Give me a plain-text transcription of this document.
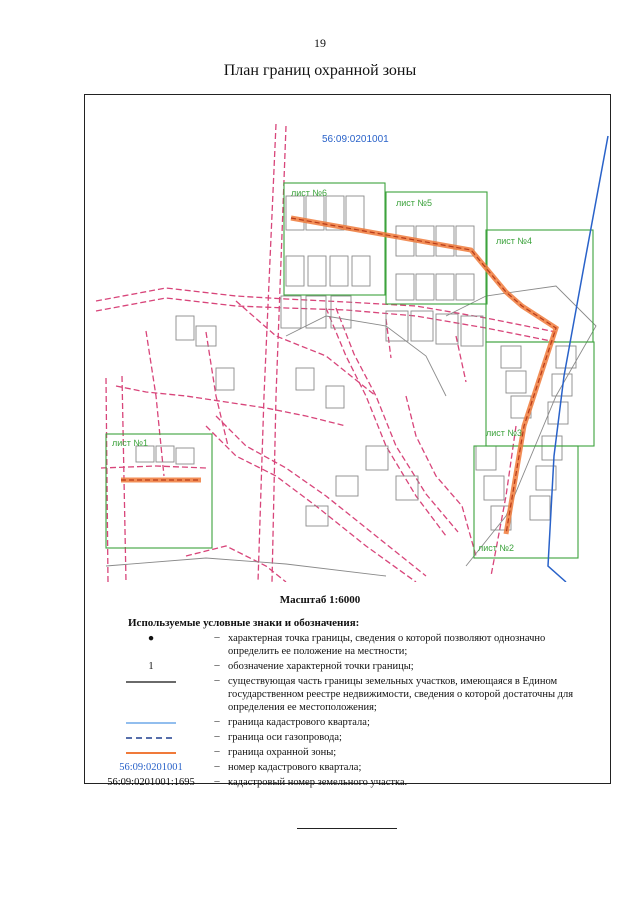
19
План границ охранной зоны
56:09:0201001
лист №6
лист №5
лист №4
лист №3
лист №2
лист №1
Масштаб 1:6000
Используемые условные знаки и обозначения:
●	– характерная точка границы, сведения о которой позволяют однозначно определить ее положение на местности;
1	– обозначение характерной точки границы;
– существующая часть границы земельных участков, имеющаяся в Едином государственном реестре недвижимости, сведения о которой достаточны для определения ее местоположения;
– граница кадастрового квартала;
– граница оси газопровода;
– граница охранной зоны;
56:09:0201001	– номер кадастрового квартала;
56:09:0201001:1695	– кадастровый номер земельного участка.
